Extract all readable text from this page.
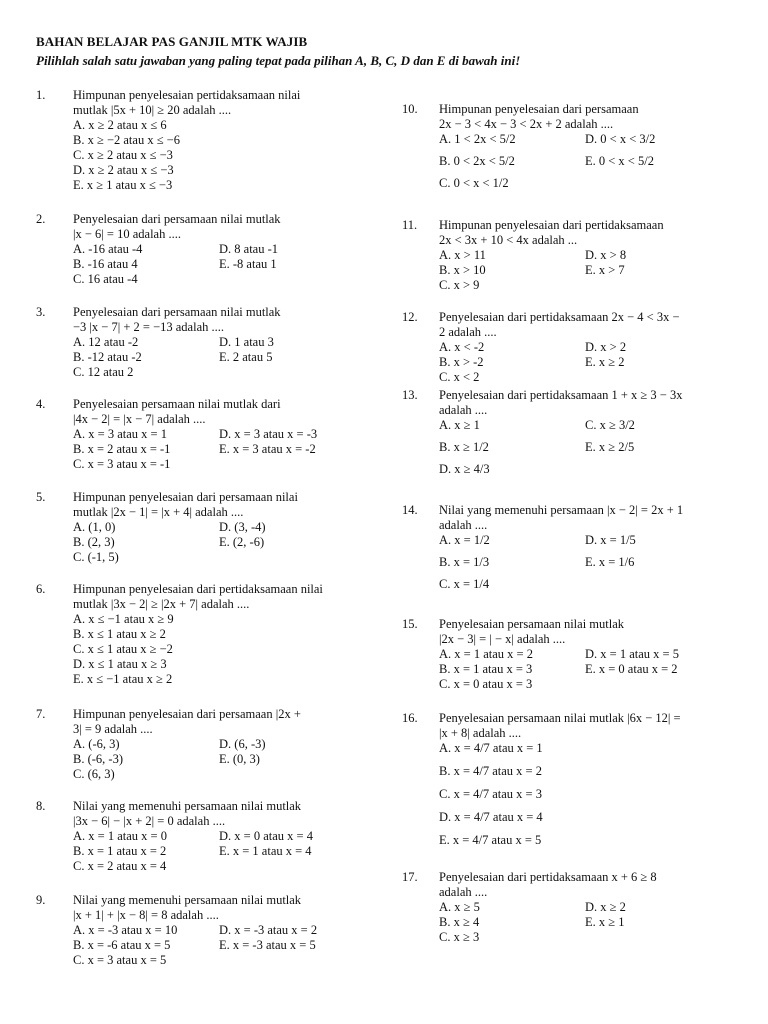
BAHAN BELAJAR PAS GANJIL MTK WAJIB
Pilihlah salah satu jawaban yang paling tepat pada pilihan A, B, C, D dan E di bawah ini!
1. Himpunan penyelesaian pertidaksamaan nilai
mutlak |5x + 10| ≥ 20 adalah ....
A. x ≥ 2 atau x ≤ 6
B. x ≥ −2 atau x ≤ −6
C. x ≥ 2 atau x ≤ −3
D. x ≥ 2 atau x ≤ −3
E. x ≥ 1 atau x ≤ −3
2. Penyelesaian dari persamaan nilai mutlak
|x − 6| = 10 adalah ....
A. -16 atau -4	D. 8 atau -1
B. -16 atau 4	E. -8 atau 1
C. 16 atau -4
3. Penyelesaian dari persamaan nilai mutlak
−3 |x − 7| + 2 = −13 adalah ....
A. 12 atau -2	D. 1 atau 3
B. -12 atau -2	E. 2 atau 5
C. 12 atau 2
4. Penyelesaian persamaan nilai mutlak dari
|4x − 2| = |x − 7| adalah ....
A. x = 3 atau x = 1	D. x = 3 atau x = -3
B. x = 2 atau x = -1	E. x = 3 atau x = -2
C. x = 3 atau x = -1
5. Himpunan penyelesaian dari persamaan nilai
mutlak |2x − 1| = |x + 4| adalah ....
A. (1, 0)	D. (3, -4)
B. (2, 3)	E. (2, -6)
C. (-1, 5)
6. Himpunan penyelesaian dari pertidaksamaan nilai
mutlak |3x − 2| ≥ |2x + 7| adalah ....
A. x ≤ −1 atau x ≥ 9
B. x ≤ 1 atau x ≥ 2
C. x ≤ 1 atau x ≥ −2
D. x ≤ 1 atau x ≥ 3
E. x ≤ −1 atau x ≥ 2
7. Himpunan penyelesaian dari persamaan |2x +
3| = 9 adalah ....
A. (-6, 3)	D. (6, -3)
B. (-6, -3)	E. (0, 3)
C. (6, 3)
8. Nilai yang memenuhi persamaan nilai mutlak
|3x − 6| − |x + 2| = 0 adalah ....
A. x = 1 atau x = 0	D. x = 0 atau x = 4
B. x = 1 atau x = 2	E. x = 1 atau x = 4
C. x = 2 atau x = 4
9. Nilai yang memenuhi persamaan nilai mutlak
|x + 1| + |x − 8| = 8 adalah ....
A. x = -3 atau x = 10	D. x = -3 atau x = 2
B. x = -6 atau x = 5	E. x = -3 atau x = 5
C. x = 3 atau x = 5
10. Himpunan penyelesaian dari persamaan
2x − 3 < 4x − 3 < 2x + 2 adalah ....
A. 1 < 2x < 5/2	D. 0 < x < 3/2
B. 0 < 2x < 5/2	E. 0 < x < 5/2
C. 0 < x < 1/2
11. Himpunan penyelesaian dari pertidaksamaan
2x < 3x + 10 < 4x adalah ...
A. x > 11	D. x > 8
B. x > 10	E. x > 7
C. x > 9
12. Penyelesaian dari pertidaksamaan 2x − 4 < 3x −
2 adalah ....
A. x < -2	D. x > 2
B. x > -2	E. x ≥ 2
C. x < 2
13. Penyelesaian dari pertidaksamaan 1 + x ≥ 3 − 3x
adalah ....
A. x ≥ 1	C. x ≥ 3/2
B. x ≥ 1/2	E. x ≥ 2/5
D. x ≥ 4/3
14. Nilai yang memenuhi persamaan |x − 2| = 2x + 1
adalah ....
A. x = 1/2	D. x = 1/5
B. x = 1/3	E. x = 1/6
C. x = 1/4
15. Penyelesaian persamaan nilai mutlak
|2x − 3| = | − x| adalah ....
A. x = 1 atau x = 2	D. x = 1 atau x = 5
B. x = 1 atau x = 3	E. x = 0 atau x = 2
C. x = 0 atau x = 3
16. Penyelesaian persamaan nilai mutlak |6x − 12| =
|x + 8| adalah ....
A. x = 4/7 atau x = 1
B. x = 4/7 atau x = 2
C. x = 4/7 atau x = 3
D. x = 4/7 atau x = 4
E. x = 4/7 atau x = 5
17. Penyelesaian dari pertidaksamaan x + 6 ≥ 8
adalah ....
A. x ≥ 5	D. x ≥ 2
B. x ≥ 4	E. x ≥ 1
C. x ≥ 3
